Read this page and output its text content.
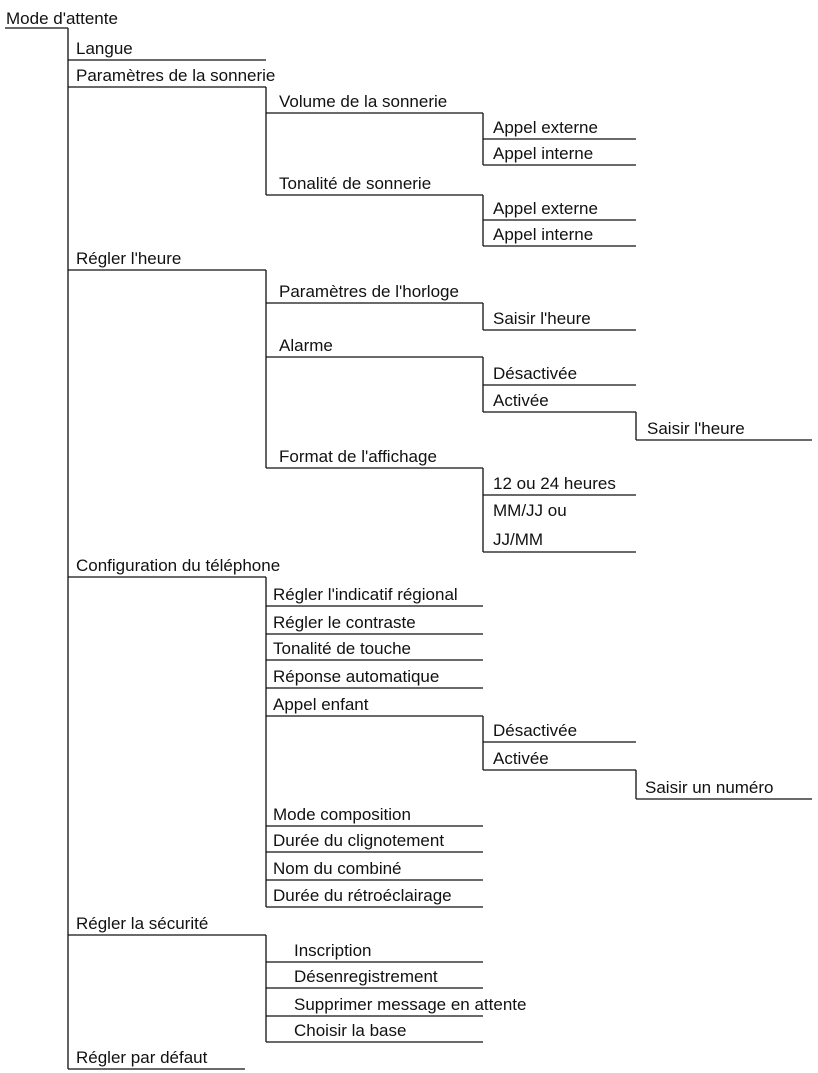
Mode d'attente
Langue
Paramètres de la sonnerie
Régler l'heure
Configuration du téléphone
Régler la sécurité
Régler par défaut
Volume de la sonnerie
Appel externe
Appel interne
Tonalité de sonnerie
Appel externe
Appel interne
Paramètres de l'horloge
Saisir l'heure
Alarme
Désactivée
Activée
Saisir l'heure
Format de l'affichage
12 ou 24 heures
MM/JJ ou
JJ/MM
Régler l'indicatif régional
Régler le contraste
Tonalité de touche
Réponse automatique
Appel enfant
Désactivée
Activée
Saisir un numéro
Mode composition
Durée du clignotement
Nom du combiné
Durée du rétroéclairage
Inscription
Désenregistrement
Supprimer message en attente
Choisir la base
